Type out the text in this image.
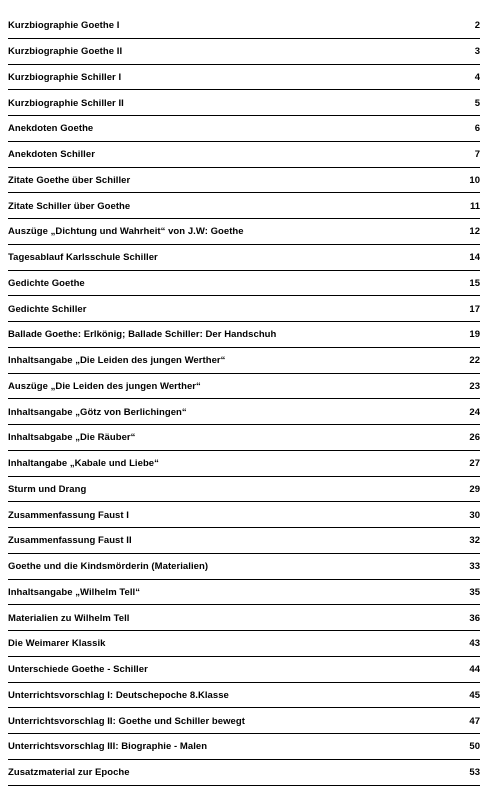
Kurzbiographie Goethe I	2
Kurzbiographie Goethe II	3
Kurzbiographie Schiller I	4
Kurzbiographie Schiller II	5
Anekdoten Goethe	6
Anekdoten Schiller	7
Zitate Goethe über Schiller	10
Zitate Schiller über Goethe	11
Auszüge „Dichtung und Wahrheit“ von J.W: Goethe	12
Tagesablauf Karlsschule Schiller	14
Gedichte Goethe	15
Gedichte Schiller	17
Ballade Goethe: Erlkönig; Ballade Schiller: Der Handschuh	19
Inhaltsangabe „Die Leiden des jungen Werther“	22
Auszüge „Die Leiden des jungen Werther“	23
Inhaltsangabe „Götz von Berlichingen“	24
Inhaltsabgabe „Die Räuber“	26
Inhaltangabe „Kabale und Liebe“	27
Sturm und Drang	29
Zusammenfassung Faust I	30
Zusammenfassung Faust II	32
Goethe und die Kindsmörderin (Materialien)	33
Inhaltsangabe „Wilhelm Tell“	35
Materialien zu Wilhelm Tell	36
Die Weimarer Klassik	43
Unterschiede Goethe - Schiller	44
Unterrichtsvorschlag I: Deutschepoche 8.Klasse	45
Unterrichtsvorschlag II: Goethe und Schiller bewegt	47
Unterrichtsvorschlag III: Biographie - Malen	50
Zusatzmaterial zur Epoche	53
